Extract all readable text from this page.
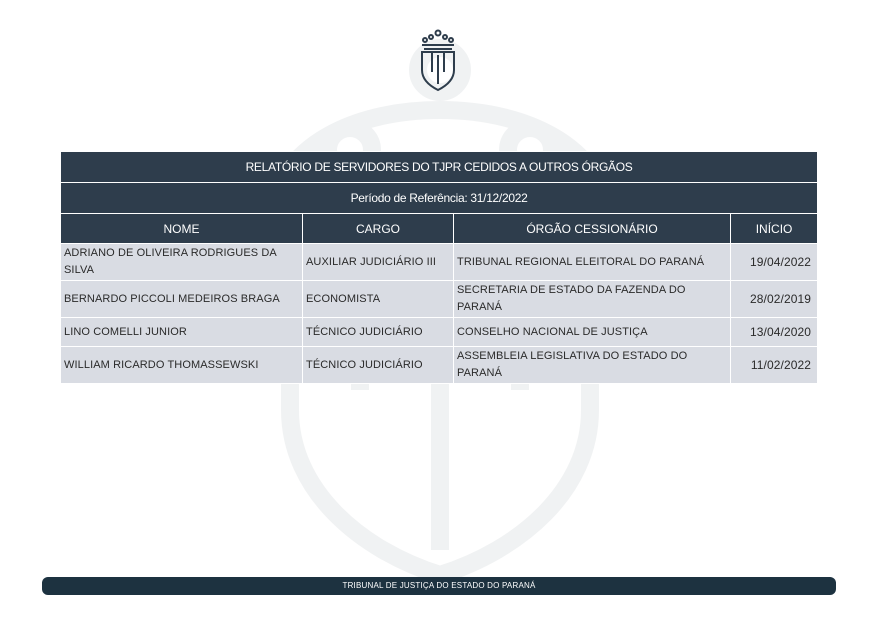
RELATÓRIO DE SERVIDORES DO TJPR CEDIDOS A OUTROS ÓRGÃOS			
Período de Referência: 31/12/2022			
NOME	CARGO	ÓRGÃO CESSIONÁRIO	INÍCIO
ADRIANO DE OLIVEIRA RODRIGUES DA SILVA	AUXILIAR JUDICIÁRIO III	TRIBUNAL REGIONAL ELEITORAL DO PARANÁ	19/04/2022
BERNARDO PICCOLI MEDEIROS BRAGA	ECONOMISTA	SECRETARIA DE ESTADO DA FAZENDA DO PARANÁ	28/02/2019
LINO COMELLI JUNIOR	TÉCNICO JUDICIÁRIO	CONSELHO NACIONAL DE JUSTIÇA	13/04/2020
WILLIAM RICARDO THOMASSEWSKI	TÉCNICO JUDICIÁRIO	ASSEMBLEIA LEGISLATIVA DO ESTADO DO PARANÁ	11/02/2022
TRIBUNAL DE JUSTIÇA DO ESTADO DO PARANÁ
